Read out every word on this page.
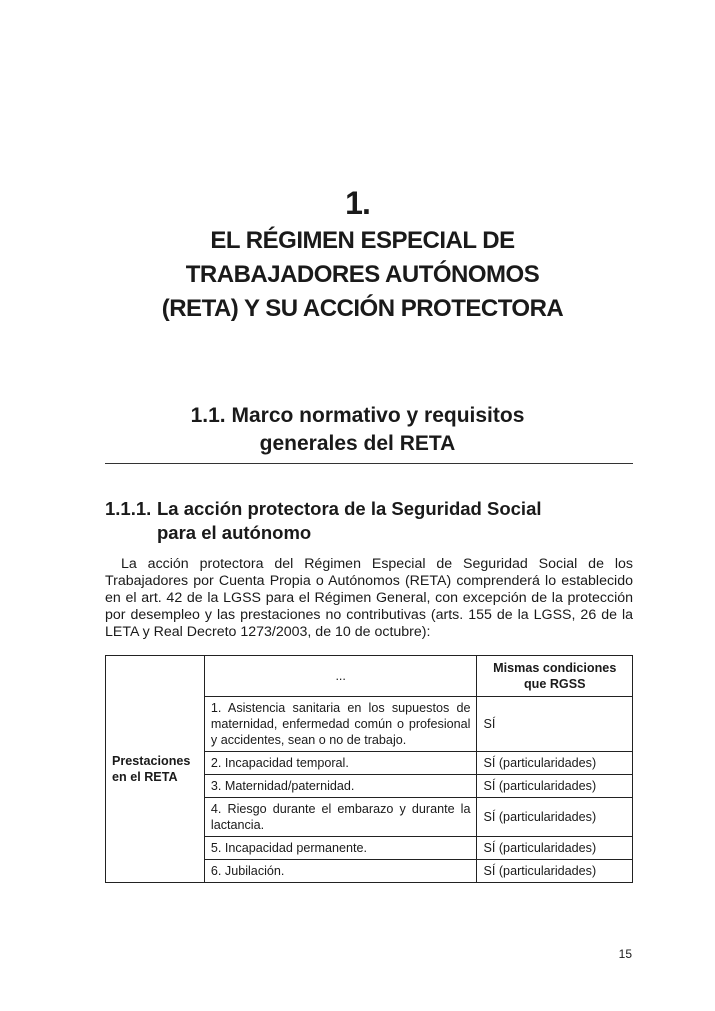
1.
EL RÉGIMEN ESPECIAL DE
TRABAJADORES AUTÓNOMOS
(RETA) Y SU ACCIÓN PROTECTORA
1.1. Marco normativo y requisitos
generales del RETA
1.1.1. La acción protectora de la Seguridad Social
para el autónomo

La acción protectora del Régimen Especial de Seguridad Social de los Trabajadores por Cuenta Propia o Autónomos (RETA) comprenderá lo establecido en el art. 42 de la LGSS para el Régimen General, con excepción de la protección por desempleo y las prestaciones no contributivas (arts. 155 de la LGSS, 26 de la LETA y Real Decreto 1273/2003, de 10 de octubre):

Prestaciones en el RETA	...	Mismas condiciones que RGSS
	1. Asistencia sanitaria en los supuestos de maternidad, enfermedad común o profesional y accidentes, sean o no de trabajo.	SÍ
	2. Incapacidad temporal.	SÍ (particularidades)
	3. Maternidad/paternidad.	SÍ (particularidades)
	4. Riesgo durante el embarazo y durante la lactancia.	SÍ (particularidades)
	5. Incapacidad permanente.	SÍ (particularidades)
	6. Jubilación.	SÍ (particularidades)
15
